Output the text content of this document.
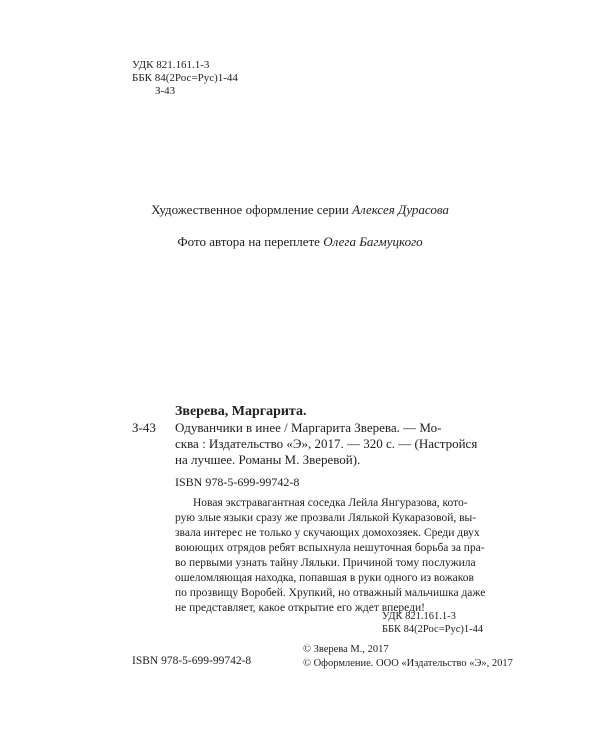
УДК 821.161.1-3
ББК 84(2Рос=Рус)1-44
З-43
Художественное оформление серии Алексея Дурасова
Фото автора на переплете Олега Багмуцкого
Зверева, Маргарита.
З-43 Одуванчики в инее / Маргарита Зверева. — Мо-
сква : Издательство «Э», 2017. — 320 с. — (Настройся
на лучшее. Романы М. Зверевой).
ISBN 978-5-699-99742-8
Новая экстравагантная соседка Лейла Янгуразова, кото-
рую злые языки сразу же прозвали Лялькой Кукаразовой, вы-
звала интерес не только у скучающих домохозяек. Среди двух
воюющих отрядов ребят вспыхнула нешуточная борьба за пра-
во первыми узнать тайну Ляльки. Причиной тому послужила
ошеломляющая находка, попавшая в руки одного из вожаков
по прозвищу Воробей. Хрупкий, но отважный мальчишка даже
не представляет, какое открытие его ждет впереди!
УДК 821.161.1-3
ББК 84(2Рос=Рус)1-44
ISBN 978-5-699-99742-8
© Зверева М., 2017
© Оформление. ООО «Издательство «Э», 2017
